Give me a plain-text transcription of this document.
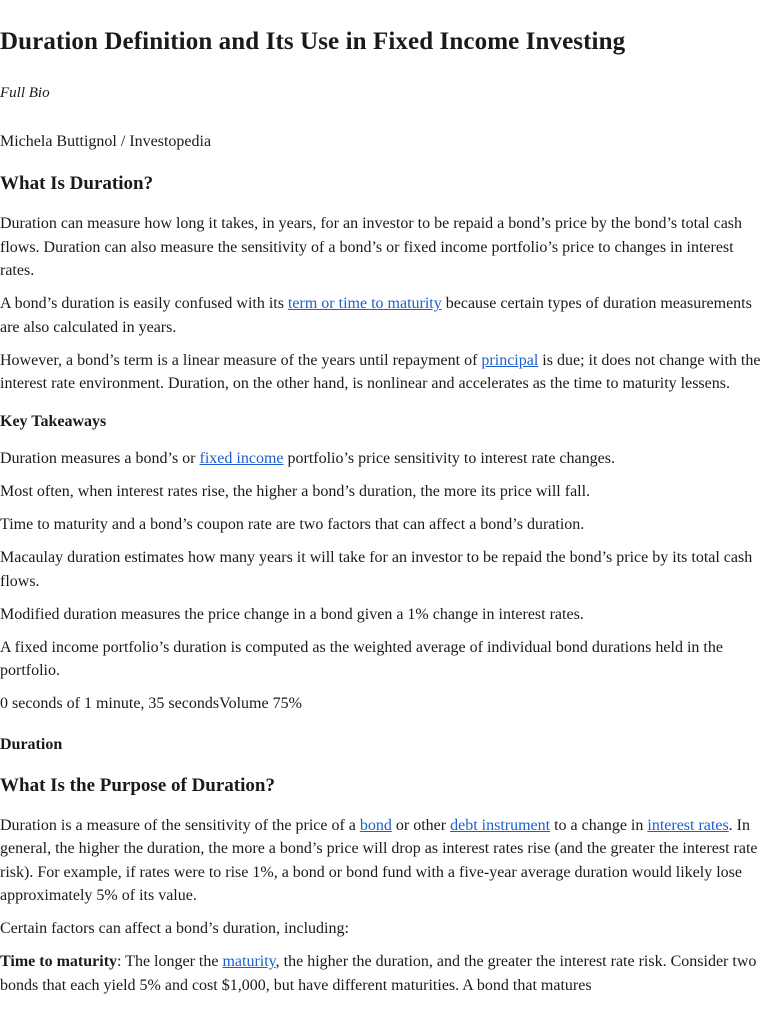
Duration Definition and Its Use in Fixed Income Investing

Full Bio

Michela Buttignol / Investopedia

What Is Duration?

Duration can measure how long it takes, in years, for an investor to be repaid a bond’s price by the bond’s total cash flows. Duration can also measure the sensitivity of a bond’s or fixed income portfolio’s price to changes in interest rates.

A bond’s duration is easily confused with its term or time to maturity because certain types of duration measurements are also calculated in years.

However, a bond’s term is a linear measure of the years until repayment of principal is due; it does not change with the interest rate environment. Duration, on the other hand, is nonlinear and accelerates as the time to maturity lessens.

Key Takeaways

Duration measures a bond’s or fixed income portfolio’s price sensitivity to interest rate changes.

Most often, when interest rates rise, the higher a bond’s duration, the more its price will fall.

Time to maturity and a bond’s coupon rate are two factors that can affect a bond’s duration.

Macaulay duration estimates how many years it will take for an investor to be repaid the bond’s price by its total cash flows.

Modified duration measures the price change in a bond given a 1% change in interest rates.

A fixed income portfolio’s duration is computed as the weighted average of individual bond durations held in the portfolio.

0 seconds of 1 minute, 35 secondsVolume 75%
Duration
What Is the Purpose of Duration?

Duration is a measure of the sensitivity of the price of a bond or other debt instrument to a change in interest rates. In general, the higher the duration, the more a bond’s price will drop as interest rates rise (and the greater the interest rate risk). For example, if rates were to rise 1%, a bond or bond fund with a five-year average duration would likely lose approximately 5% of its value.

Certain factors can affect a bond’s duration, including:

Time to maturity: The longer the maturity, the higher the duration, and the greater the interest rate risk. Consider two bonds that each yield 5% and cost $1,000, but have different maturities. A bond that matures
